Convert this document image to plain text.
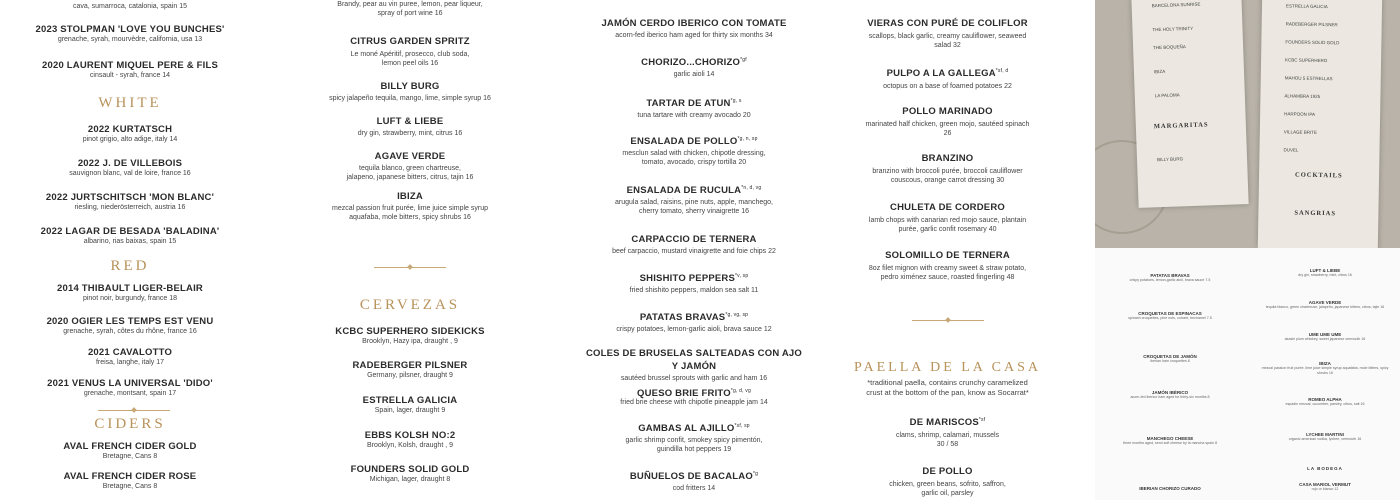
cava, sumarroca, catalonia, spain 15
2023 STOLPMAN 'LOVE YOU BUNCHES'
grenache, syrah, mourvèdre, california, usa 13
2020 LAURENT MIQUEL PERE & FILS
cinsault - syrah, france 14
WHITE
2022 KURTATSCH
pinot grigio, alto adige, italy 14
2022 J. DE VILLEBOIS
sauvignon blanc, val de loire, france 16
2022 JURTSCHITSCH 'MON BLANC'
riesling, niederösterreich, austria 16
2022 LAGAR DE BESADA 'BALADINA'
albarino, rias baixas, spain 15
RED
2014 THIBAULT LIGER-BELAIR
pinot noir, burgundy, france 18
2020 OGIER LES TEMPS EST VENU
grenache, syrah, côtes du rhône, france 16
2021 CAVALOTTO
freisa, langhe, italy 17
2021 VENUS LA UNIVERSAL 'DIDO'
grenache, montsant, spain 17
CIDERS
AVAL FRENCH CIDER GOLD
Bretagne, Cans 8
AVAL FRENCH CIDER ROSE
Bretagne, Cans 8
Brandy, pear au vin puree, lemon, pear liqueur,
spray of port wine 16
CITRUS GARDEN SPRITZ
Le moné Apéritif, prosecco, club soda,
lemon peel oils 16
BILLY BURG
spicy jalapeño tequila, mango, lime, simple syrup 16
LUFT & LIEBE
dry gin, strawberry, mint, citrus 16
AGAVE VERDE
tequila blanco, green chartreuse,
jalapeno, japanese bitters, citrus, tajin 16
IBIZA
mezcal passion fruit purée, lime juice simple syrup
aquafaba, mole bitters, spicy shrubs 16
CERVEZAS
KCBC SUPERHERO SIDEKICKS
Brooklyn, Hazy ipa, draught , 9
RADEBERGER PILSNER
Germany, pilsner, draught 9
ESTRELLA GALICIA
Spain, lager, draught 9
EBBS KOLSH NO:2
Brooklyn, Kolsh, draught , 9
FOUNDERS SOLID GOLD
Michigan, lager, draught 8
JAMÓN CERDO IBERICO CON TOMATE
acorn-fed iberico ham aged for thirty six months 34
$CHORIZO...CHORIZO^{*gf}$
garlic aioli 14
TARTAR DE ATUN$^{*g, s}$
tuna tartare with creamy avocado 20
ENSALADA DE $POLLO^{*g, n, sp}$
mesclun salad with chicken, chipotle dressing,
tomato, avocado, crispy tortilla 20
ENSALADA DE $RUCULA^{*n, d, vg}$
arugula salad, raisins, pine nuts, apple, manchego,
cherry tomato, sherry vinaigrette 16
CARPACCIO DE TERNERA
beef carpaccio, mustard vinaigrette and foie chips 22
SHISHITO $PEPPERS^{*v, sp}$
fried shishito peppers, maldon sea salt 11
PATATAS $BRAVAS^{*g, vg, sp}$
crispy potatoes, lemon-garlic aioli, brava sauce 12
COLES DE BRUSELAS SALTEADAS CON AJO Y JAMÓN
sautéed brussel sprouts with garlic and ham 16
QUESO BRIE $FRITO^{*g, d, vg}$
fried brie cheese with chipotle pineapple jam 14
GAMBAS AL $AJILLO^{*sf, sp}$
garlic shrimp confit, smokey spicy pimentón,
guindilla hot peppers 19
BUÑUELOS DE BACALAO$^{*g}$
cod fritters 14
VIERAS CON PURÉ DE COLIFLOR
scallops, black garlic, creamy cauliflower, seaweed
salad 32
PULPO A LA $GALLEGA^{*sf, d}$
octopus on a base of foamed potatoes 22
POLLO MARINADO
marinated half chicken, green mojo, sautéed spinach
26
BRANZINO
branzino with broccoli purée, broccoli cauliflower
couscous, orange carrot dressing 30
CHULETA DE CORDERO
lamb chops with canarian red mojo sauce, plantain
purée, garlic confit rosemary 40
SOLOMILLO DE TERNERA
8oz filet mignon with creamy sweet & straw potato,
pedro ximénez sauce, roasted fingerling 48
PAELLA DE LA CASA
*traditional paella, contains crunchy caramelized
crust at the bottom of the pan, know as Socarrat*
DE $MARISCOS^{*sf}$
clams, shrimp, calamari, mussels
30 / 58
DE POLLO
chicken, green beans, sofrito, saffron,
garlic oil, parsley
MARGARITAS
BARCELONA SUNRISE
THE HOLY TRINITY
THE BOQUEÑA
IBIZA
LA PALOMA
BILLY BURG
COCKTAILS
SANGRIAS
ESTRELLA GALICIA
RADEBERGER PILSNER
FOUNDERS SOLID GOLD
KCBC SUPERHERO
MAHOU 5 ESTRELLAS
ALHAMBRA 1925
HARPOON IPA
VILLAGE BRITE
DUVEL
PATATAS BRAVAS
crispy potatoes, lemon-garlic aioli, brava sauce 7.5
CROQUETAS DE ESPINACAS
spinach croquettes, pine nuts, currant, bechamel 7.5
CROQUETAS DE JAMÓN
iberian ham croquettes 8
JAMÓN IBÉRICO
acorn-fed iberico ham aged for thirty-six months 8
MANCHEGO CHEESE
three months aged, semi soft cheese by la mancha spain 8
IBERIAN CHORIZO CURADO
LUFT & LIEBE
dry gin, strawberry, mint, citrus 16
AGAVE VERDE
tequila blanco, green chartreuse, jalapeño, japanese bitters, citrus, tajin 16
UME UME UME
akashi plum whiskey, sweet japanese vermouth 16
IBIZA
mezcal passion fruit purée, lime juice simple syrup aquafaba, mole bitters, spicy shrubs 16
ROMEO ALPHA
espadin mezcal, cucumber, parsley, citrus, salt 16
LYCHEE MARTINI
organic american vodka, lychee, vermouth 16
LA BODEGA
CASA MARIOL VERMUT
rojo or blanco 12
